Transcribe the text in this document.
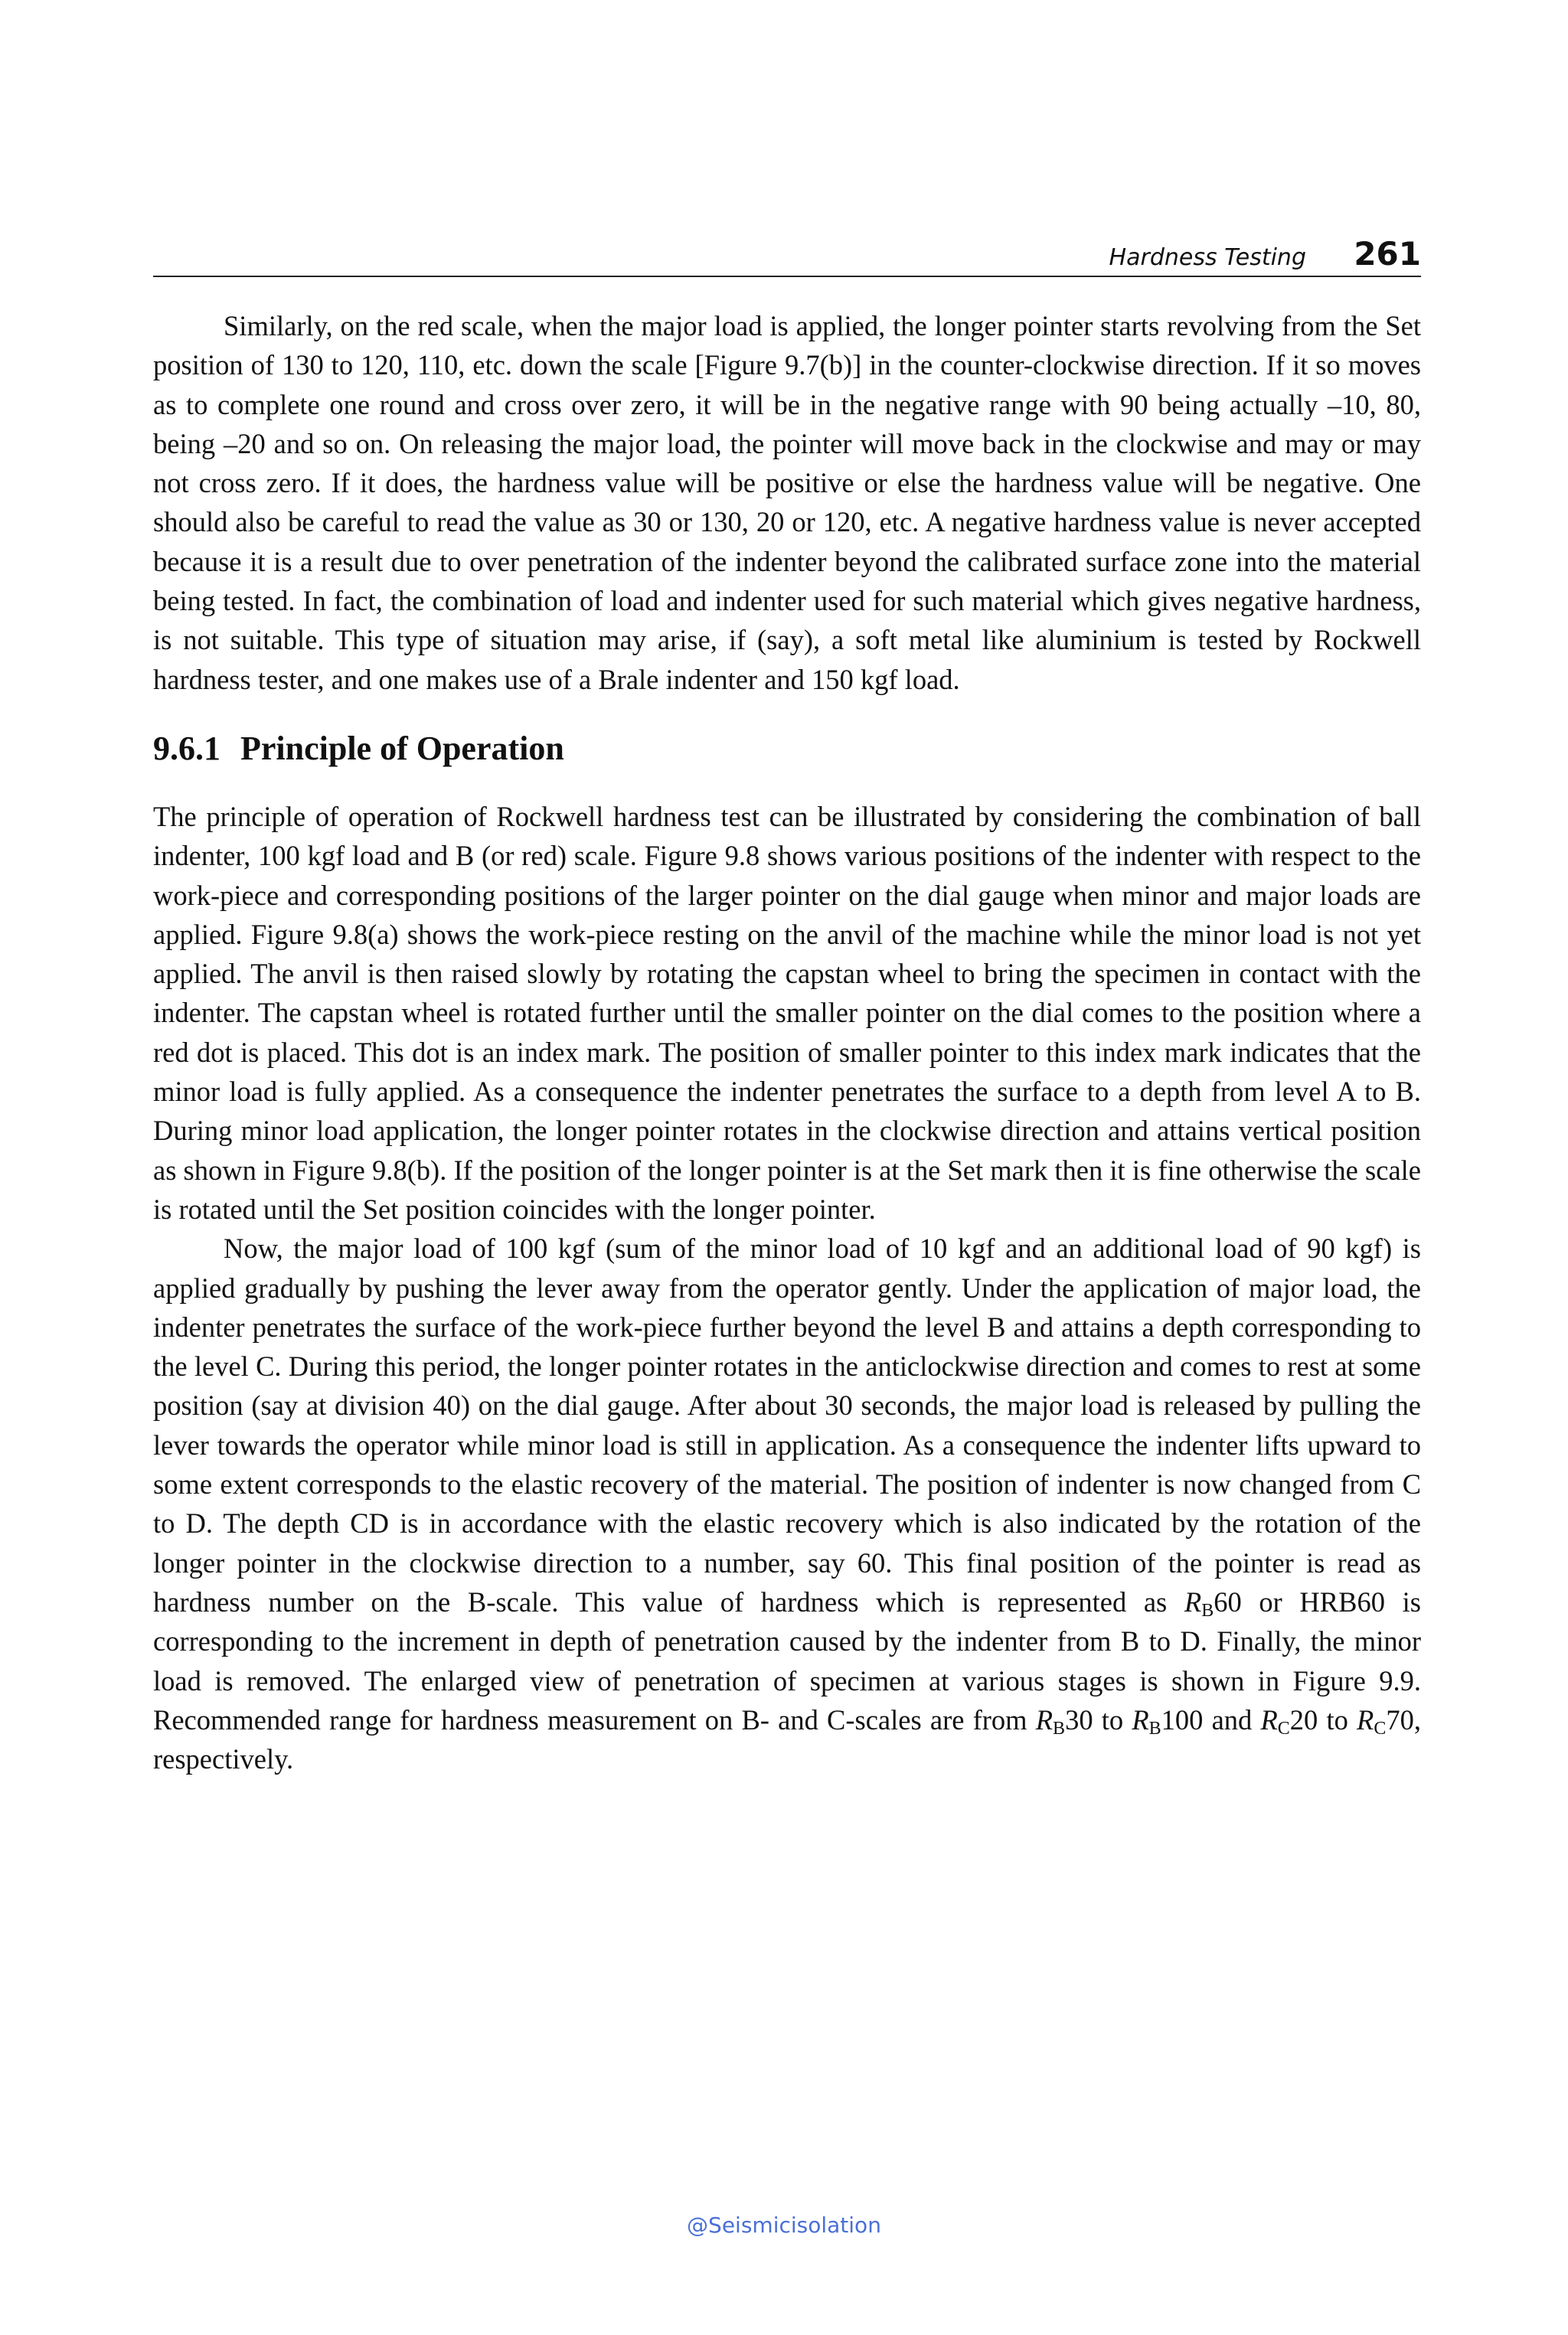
Hardness Testing 261

Similarly, on the red scale, when the major load is applied, the longer pointer starts revolving from the Set position of 130 to 120, 110, etc. down the scale [Figure 9.7(b)] in the counter-clockwise direction. If it so moves as to complete one round and cross over zero, it will be in the negative range with 90 being actually –10, 80, being –20 and so on. On releasing the major load, the pointer will move back in the clockwise and may or may not cross zero. If it does, the hardness value will be positive or else the hardness value will be negative. One should also be careful to read the value as 30 or 130, 20 or 120, etc. A negative hardness value is never accepted because it is a result due to over penetration of the indenter beyond the calibrated surface zone into the material being tested. In fact, the combination of load and indenter used for such material which gives negative hardness, is not suitable. This type of situation may arise, if (say), a soft metal like aluminium is tested by Rockwell hardness tester, and one makes use of a Brale indenter and 150 kgf load.

9.6.1 Principle of Operation

The principle of operation of Rockwell hardness test can be illustrated by considering the combination of ball indenter, 100 kgf load and B (or red) scale. Figure 9.8 shows various positions of the indenter with respect to the work-piece and corresponding positions of the larger pointer on the dial gauge when minor and major loads are applied. Figure 9.8(a) shows the work-piece resting on the anvil of the machine while the minor load is not yet applied. The anvil is then raised slowly by rotating the capstan wheel to bring the specimen in contact with the indenter. The capstan wheel is rotated further until the smaller pointer on the dial comes to the position where a red dot is placed. This dot is an index mark. The position of smaller pointer to this index mark indicates that the minor load is fully applied. As a consequence the indenter penetrates the surface to a depth from level A to B. During minor load application, the longer pointer rotates in the clockwise direction and attains vertical position as shown in Figure 9.8(b). If the position of the longer pointer is at the Set mark then it is fine otherwise the scale is rotated until the Set position coincides with the longer pointer.

Now, the major load of 100 kgf (sum of the minor load of 10 kgf and an additional load of 90 kgf) is applied gradually by pushing the lever away from the operator gently. Under the application of major load, the indenter penetrates the surface of the work-piece further beyond the level B and attains a depth corresponding to the level C. During this period, the longer pointer rotates in the anticlockwise direction and comes to rest at some position (say at division 40) on the dial gauge. After about 30 seconds, the major load is released by pulling the lever towards the operator while minor load is still in application. As a consequence the indenter lifts upward to some extent corresponds to the elastic recovery of the material. The position of indenter is now changed from C to D. The depth CD is in accordance with the elastic recovery which is also indicated by the rotation of the longer pointer in the clockwise direction to a number, say 60. This final position of the pointer is read as hardness number on the B-scale. This value of hardness which is represented as $R_B60$ or HRB60 is corresponding to the increment in depth of penetration caused by the indenter from B to D. Finally, the minor load is removed. The enlarged view of penetration of specimen at various stages is shown in Figure 9.9. Recommended range for hardness measurement on B- and C-scales are from $R_B30$ to $R_B100$ and $R_C20$ to $R_C70$, respectively.

@Seismicisolation
